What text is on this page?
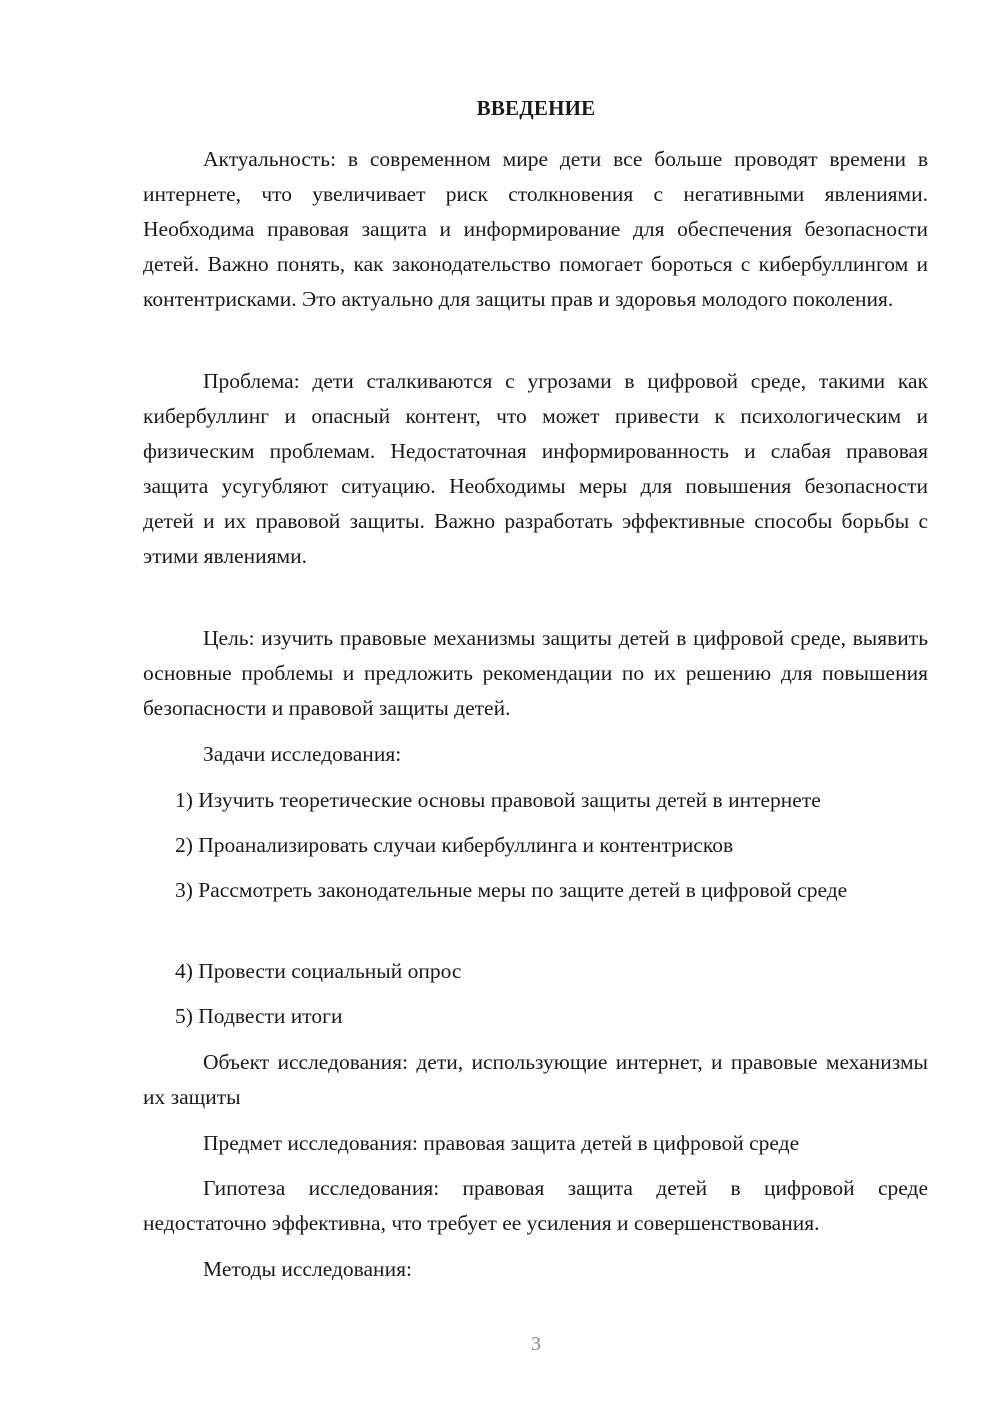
ВВЕДЕНИЕ

Актуальность: в современном мире дети все больше проводят времени в интернете, что увеличивает риск столкновения с негативными явлениями. Необходима правовая защита и информирование для обеспечения безопасности детей. Важно понять, как законодательство помогает бороться с кибербуллингом и контентрисками. Это актуально для защиты прав и здоровья молодого поколения.

Проблема: дети сталкиваются с угрозами в цифровой среде, такими как кибербуллинг и опасный контент, что может привести к психологическим и физическим проблемам. Недостаточная информированность и слабая правовая защита усугубляют ситуацию. Необходимы меры для повышения безопасности детей и их правовой защиты. Важно разработать эффективные способы борьбы с этими явлениями.

Цель: изучить правовые механизмы защиты детей в цифровой среде, выявить основные проблемы и предложить рекомендации по их решению для повышения безопасности и правовой защиты детей.

Задачи исследования:

1) Изучить теоретические основы правовой защиты детей в интернете

2) Проанализировать случаи кибербуллинга и контентрисков

3) Рассмотреть законодательные меры по защите детей в цифровой среде

4) Провести социальный опрос

5) Подвести итоги

Объект исследования: дети, использующие интернет, и правовые механизмы их защиты

Предмет исследования: правовая защита детей в цифровой среде

Гипотеза исследования: правовая защита детей в цифровой среде недостаточно эффективна, что требует ее усиления и совершенствования.

Методы исследования:

3
